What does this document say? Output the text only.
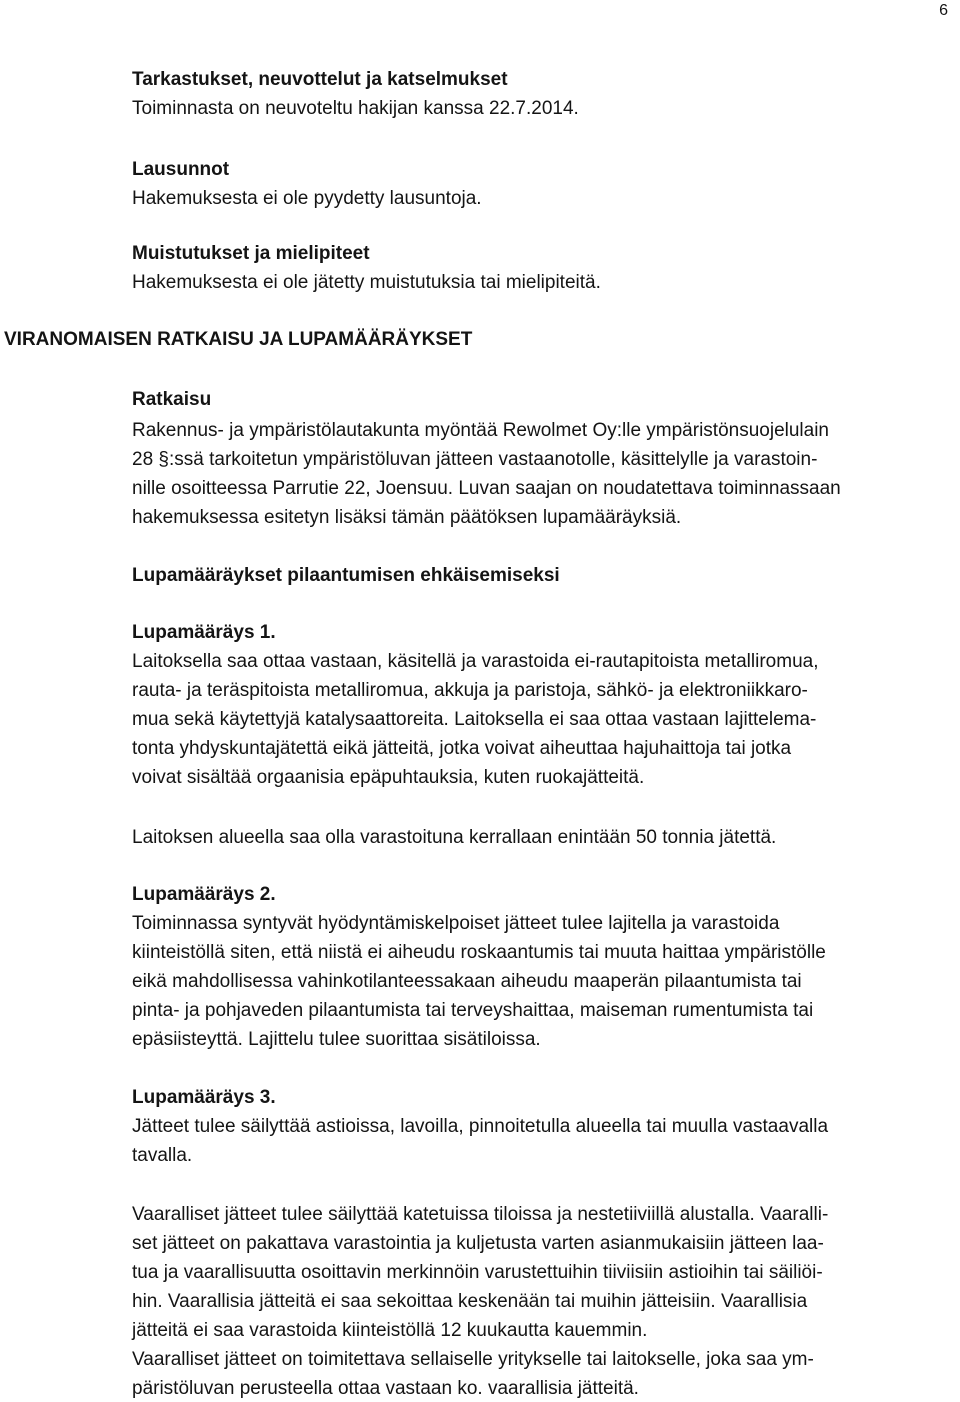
6
Tarkastukset, neuvottelut ja katselmukset
Toiminnasta on neuvoteltu hakijan kanssa 22.7.2014.
Lausunnot
Hakemuksesta ei ole pyydetty lausuntoja.
Muistutukset ja mielipiteet
Hakemuksesta ei ole jätetty muistutuksia tai mielipiteitä.
VIRANOMAISEN RATKAISU JA LUPAMÄÄRÄYKSET
Ratkaisu
Rakennus- ja ympäristölautakunta myöntää Rewolmet Oy:lle ympäristönsuojelulain
28 §:ssä tarkoitetun ympäristöluvan jätteen vastaanotolle, käsittelylle ja varastoin-
nille osoitteessa Parrutie 22, Joensuu. Luvan saajan on noudatettava toiminnassaan
hakemuksessa esitetyn lisäksi tämän päätöksen lupamääräyksiä.
Lupamääräykset pilaantumisen ehkäisemiseksi
Lupamääräys 1.
Laitoksella saa ottaa vastaan, käsitellä ja varastoida ei-rautapitoista metalliromua,
rauta- ja teräspitoista metalliromua, akkuja ja paristoja, sähkö- ja elektroniikkaro-
mua sekä käytettyjä katalysaattoreita. Laitoksella ei saa ottaa vastaan lajittelema-
tonta yhdyskuntajätettä eikä jätteitä, jotka voivat aiheuttaa hajuhaittoja tai jotka
voivat sisältää orgaanisia epäpuhtauksia, kuten ruokajätteitä.
Laitoksen alueella saa olla varastoituna kerrallaan enintään 50 tonnia jätettä.
Lupamääräys 2.
Toiminnassa syntyvät hyödyntämiskelpoiset jätteet tulee lajitella ja varastoida
kiinteistöllä siten, että niistä ei aiheudu roskaantumis tai muuta haittaa ympäristölle
eikä mahdollisessa vahinkotilanteessakaan aiheudu maaperän pilaantumista tai
pinta- ja pohjaveden pilaantumista tai terveyshaittaa, maiseman rumentumista tai
epäsiisteyttä. Lajittelu tulee suorittaa sisätiloissa.
Lupamääräys 3.
Jätteet tulee säilyttää astioissa, lavoilla, pinnoitetulla alueella tai muulla vastaavalla
tavalla.
Vaaralliset jätteet tulee säilyttää katetuissa tiloissa ja nestetiiviillä alustalla. Vaaralli-
set jätteet on pakattava varastointia ja kuljetusta varten asianmukaisiin jätteen laa-
tua ja vaarallisuutta osoittavin merkinnöin varustettuihin tiiviisiin astioihin tai säiliöi-
hin. Vaarallisia jätteitä ei saa sekoittaa keskenään tai muihin jätteisiin. Vaarallisia
jätteitä ei saa varastoida kiinteistöllä 12 kuukautta kauemmin.
Vaaralliset jätteet on toimitettava sellaiselle yritykselle tai laitokselle, joka saa ym-
päristöluvan perusteella ottaa vastaan ko. vaarallisia jätteitä.
